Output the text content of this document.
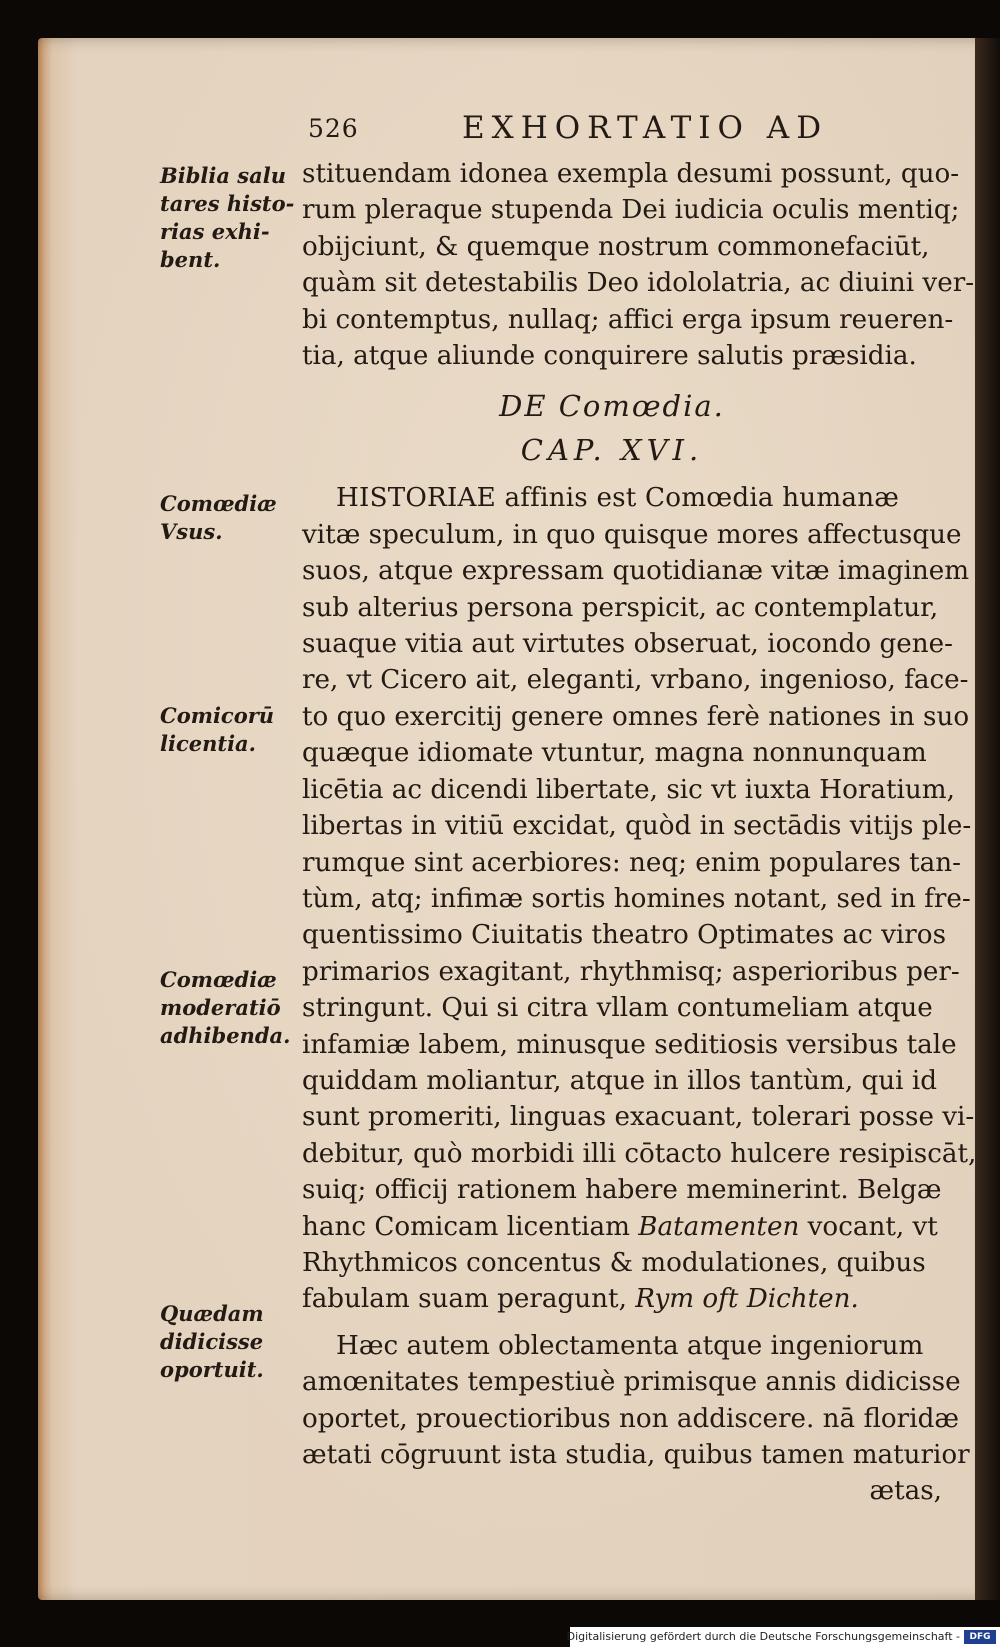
526	EXHORTATIO AD
Biblia salu
tares histo-
rias exhi-
bent.
Comœdiæ
Vsus.
Comicorū
licentia.
Comœdiæ
moderatiō
adhibenda.
Quædam
didicisse
oportuit.
stituendam idonea exempla desumi possunt, quo-
rum pleraque stupenda Dei iudicia oculis mentiq;
obijciunt, & quemque nostrum commonefaciūt,
quàm sit detestabilis Deo idololatria, ac diuini ver-
bi contemptus, nullaq; affici erga ipsum reueren-
tia, atque aliunde conquirere salutis præsidia.
DE Comœdia.
CAP. XVI.
HISTORIAE affinis est Comœdia humanæ
vitæ speculum, in quo quisque mores affectusque
suos, atque expressam quotidianæ vitæ imaginem
sub alterius persona perspicit, ac contemplatur,
suaque vitia aut virtutes obseruat, iocondo gene-
re, vt Cicero ait, eleganti, vrbano, ingenioso, face-
to quo exercitij genere omnes ferè nationes in suo
quæque idiomate vtuntur, magna nonnunquam
licētia ac dicendi libertate, sic vt iuxta Horatium,
libertas in vitiū excidat, quòd in sectādis vitijs ple-
rumque sint acerbiores: neq; enim populares tan-
tùm, atq; infimæ sortis homines notant, sed in fre-
quentissimo Ciuitatis theatro Optimates ac viros
primarios exagitant, rhythmisq; asperioribus per-
stringunt. Qui si citra vllam contumeliam atque
infamiæ labem, minusque seditiosis versibus tale
quiddam moliantur, atque in illos tantùm, qui id
sunt promeriti, linguas exacuant, tolerari posse vi-
debitur, quò morbidi illi cōtacto hulcere resipiscāt,
suiq; officij rationem habere meminerint. Belgæ
hanc Comicam licentiam Batamenten vocant, vt
Rhythmicos concentus & modulationes, quibus
fabulam suam peragunt, Rym oft Dichten.
Hæc autem oblectamenta atque ingeniorum
amœnitates tempestiuè primisque annis didicisse
oportet, prouectioribus non addiscere. nā floridæ
ætati cōgruunt ista studia, quibus tamen maturior
ætas,
Digitalisierung gefördert durch die Deutsche Forschungsgemeinschaft -	DFG
